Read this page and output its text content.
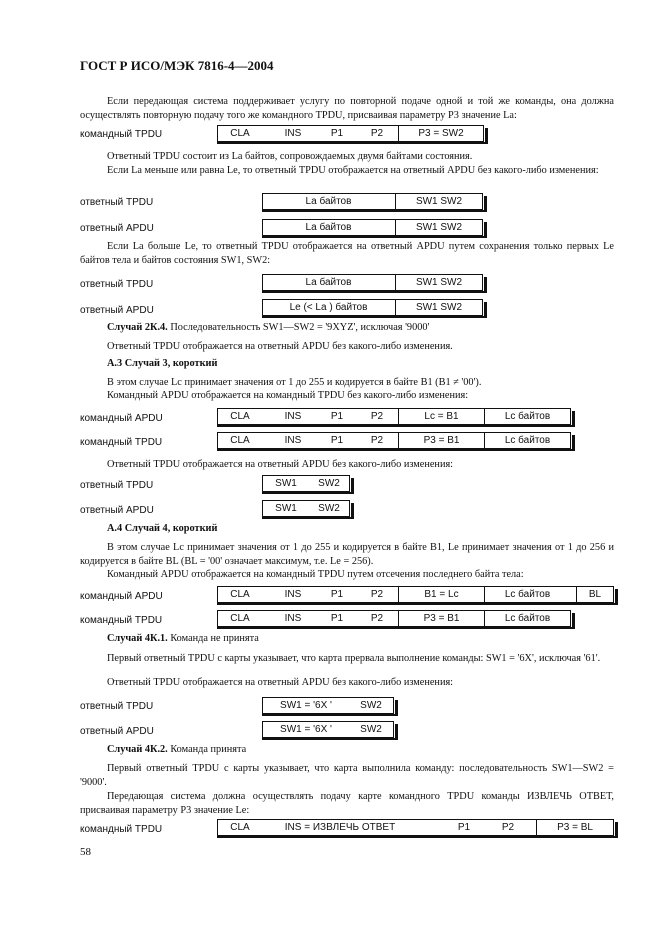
ГОСТ Р ИСО/МЭК 7816-4—2004
Если передающая система поддерживает услугу по повторной подаче одной и той же команды, она должна осуществлять повторную подачу того же командного TPDU, присваивая параметру P3 значение La:
командный TPDU	CLA	INS	P1	P2	P3 = SW2
Ответный TPDU состоит из La байтов, сопровождаемых двумя байтами состояния.
Если La меньше или равна Le, то ответный TPDU отображается на ответный APDU без какого-либо изменения:
ответный TPDU	La байтов	SW1 SW2
ответный APDU	La байтов	SW1 SW2
Если La больше Le, то ответный TPDU отображается на ответный APDU путем сохранения только первых Le байтов тела и байтов состояния SW1, SW2:
ответный TPDU	La байтов	SW1 SW2
ответный APDU	Le (< La ) байтов	SW1 SW2
Случай 2К.4. Последовательность SW1—SW2 = '9XYZ', исключая '9000'
Ответный TPDU отображается на ответный APDU без какого-либо изменения.
А.3 Случай 3, короткий
В этом случае Lc принимает значения от 1 до 255 и кодируется в байте B1 (B1 ≠ '00').
Командный APDU отображается на командный TPDU без какого-либо изменения:
командный APDU	CLA	INS	P1	P2	Lc = B1	Lc байтов
командный TPDU	CLA	INS	P1	P2	P3 = B1	Lc байтов
Ответный TPDU отображается на ответный APDU без какого-либо изменения:
ответный TPDU	SW1	SW2
ответный APDU	SW1	SW2
А.4 Случай 4, короткий
В этом случае Lc принимает значения от 1 до 255 и кодируется в байте B1, Le принимает значения от 1 до 256 и кодируется в байте BL (BL = '00' означает максимум, т.е. Le = 256).
Командный APDU отображается на командный TPDU путем отсечения последнего байта тела:
командный APDU	CLA	INS	P1	P2	B1 = Lc	Lc байтов	BL
командный TPDU	CLA	INS	P1	P2	P3 = B1	Lc байтов
Случай 4К.1. Команда не принята
Первый ответный TPDU с карты указывает, что карта прервала выполнение команды: SW1 = '6X', исключая '61'.
Ответный TPDU отображается на ответный APDU без какого-либо изменения:
ответный TPDU	SW1 = '6X '	SW2
ответный APDU	SW1 = '6X '	SW2
Случай 4К.2. Команда принята
Первый ответный TPDU с карты указывает, что карта выполнила команду: последовательность SW1—SW2 = '9000'.
Передающая система должна осуществлять подачу карте командного TPDU команды ИЗВЛЕЧЬ ОТВЕТ, присваивая параметру P3 значение Le:
командный TPDU	CLA	INS = ИЗВЛЕЧЬ ОТВЕТ	P1	P2	P3 = BL
58
